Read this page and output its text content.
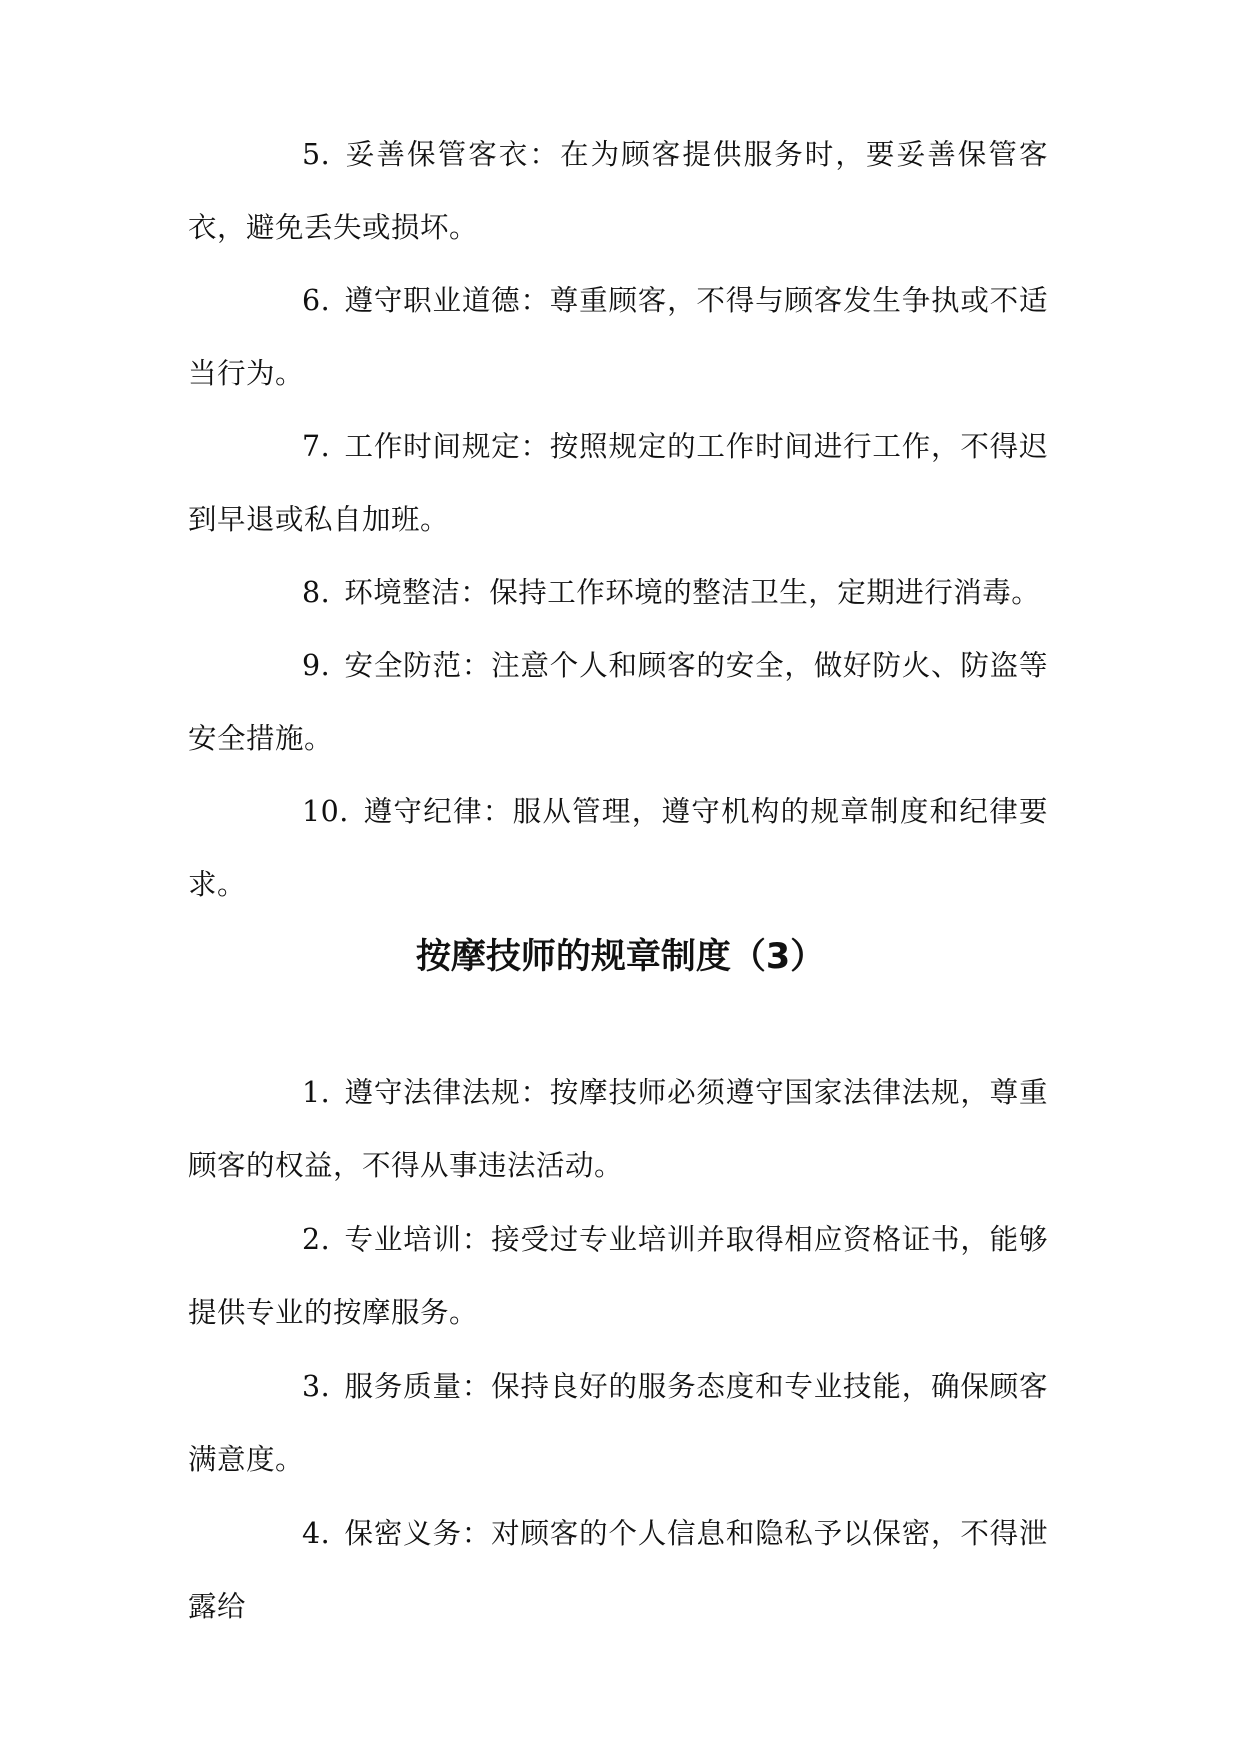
5. 妥善保管客衣：在为顾客提供服务时，要妥善保管客衣，避免丢失或损坏。

6. 遵守职业道德：尊重顾客，不得与顾客发生争执或不适当行为。

7. 工作时间规定：按照规定的工作时间进行工作，不得迟到早退或私自加班。

8. 环境整洁：保持工作环境的整洁卫生，定期进行消毒。

9. 安全防范：注意个人和顾客的安全，做好防火、防盗等安全措施。

10. 遵守纪律：服从管理，遵守机构的规章制度和纪律要求。

按摩技师的规章制度（3）

1. 遵守法律法规：按摩技师必须遵守国家法律法规，尊重顾客的权益，不得从事违法活动。

2. 专业培训：接受过专业培训并取得相应资格证书，能够提供专业的按摩服务。

3. 服务质量：保持良好的服务态度和专业技能，确保顾客满意度。

4. 保密义务：对顾客的个人信息和隐私予以保密，不得泄露给
